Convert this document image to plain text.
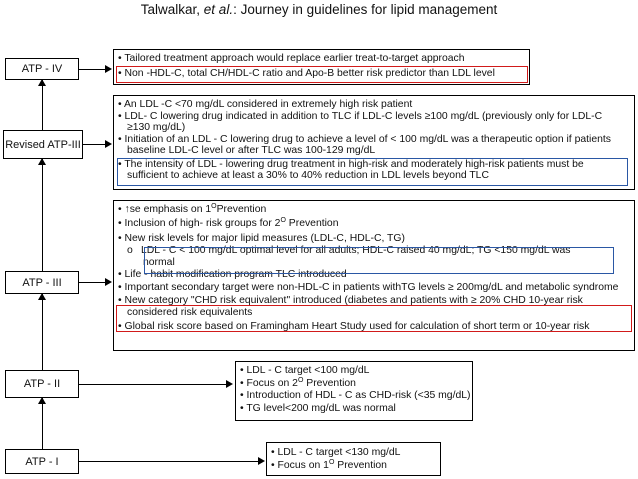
Talwalkar, et al.: Journey in guidelines for lipid management
ATP - IV
Revised ATP-III
ATP - III
ATP - II
ATP - I
• Tailored treatment approach would replace earlier treat-to-target approach
• Non -HDL-C, total CH/HDL-C ratio and Apo-B better risk predictor than LDL level
• An LDL -C <70 mg/dL considered in extremely high risk patient
• LDL- C lowering drug indicated in addition to TLC if LDL-C levels ≥100 mg/dL (previously only for LDL-C
≥130 mg/dL)
• Initiation of an LDL - C lowering drug to achieve a level of < 100 mg/dL was a therapeutic option if patients
baseline LDL-C level or after TLC was 100-129 mg/dL
• The intensity of LDL - lowering drug treatment in high-risk and moderately high-risk patients must be
sufficient to achieve at least a 30% to 40% reduction in LDL levels beyond TLC
• ↑se emphasis on $1^OPrevention$
• Inclusion of high- risk groups for $2^O$ Prevention
• New risk levels for major lipid measures (LDL-C, HDL-C, TG)
o LDL - C < 100 mg/dL optimal level for all adults; HDL-C raised 40 mg/dL; TG <150 mg/dL was
normal
• Life - habit modification program TLC introduced
• Important secondary target were non-HDL-C in patients withTG levels ≥ 200mg/dL and metabolic syndrome
• New category "CHD risk equivalent" introduced (diabetes and patients with ≥ 20% CHD 10-year risk
considered risk equivalents
• Global risk score based on Framingham Heart Study used for calculation of short term or 10-year risk
• LDL - C target <100 mg/dL
• Focus on $2^O$ Prevention
• Introduction of HDL - C as CHD-risk (<35 mg/dL)
• TG level<200 mg/dL was normal
• LDL - C target <130 mg/dL
• Focus on $1^O$ Prevention
